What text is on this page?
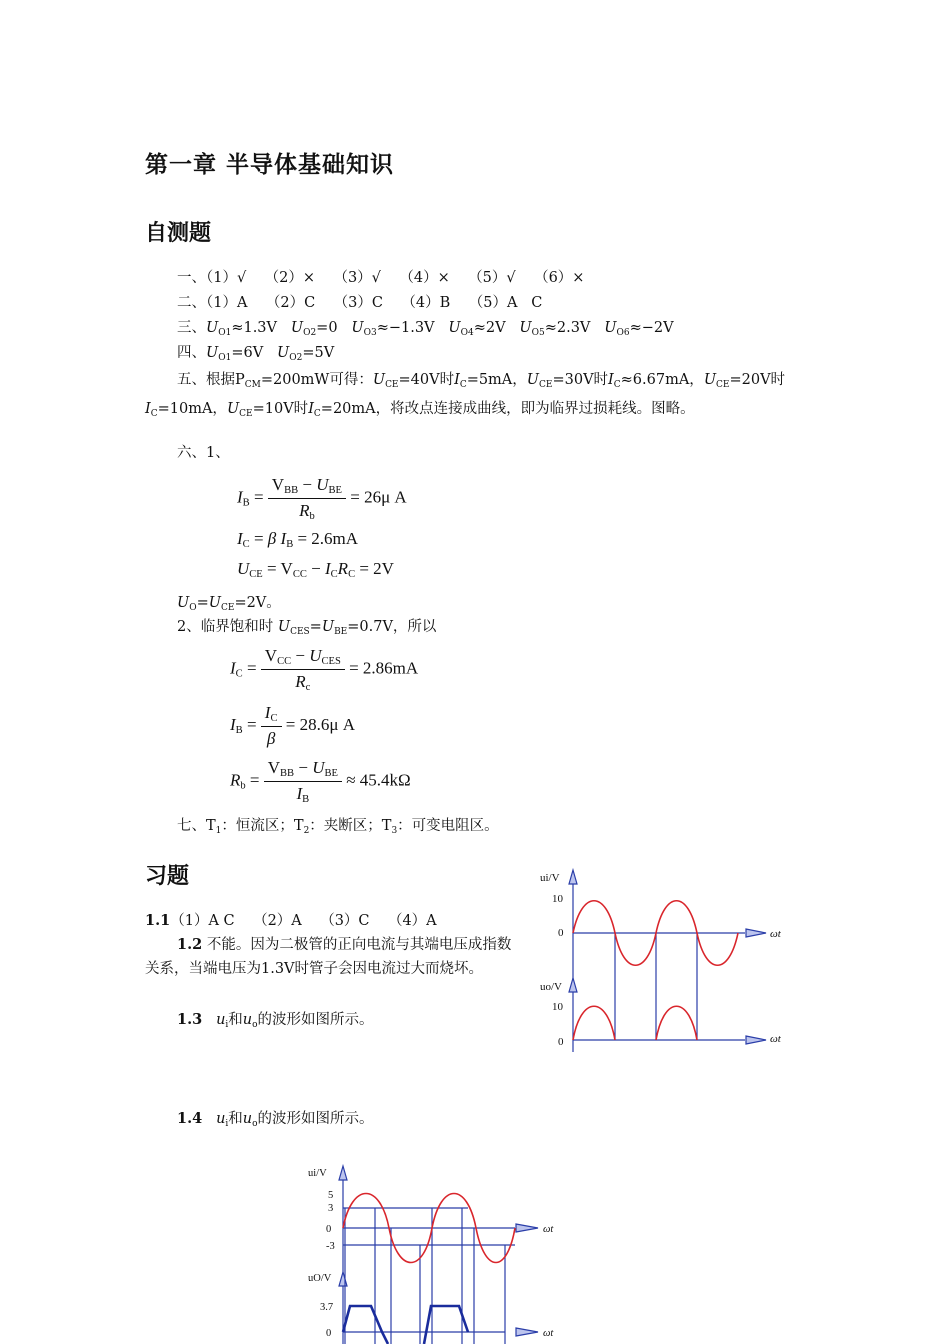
第一章 半导体基础知识
自测题
一、（1）√    （2）×    （3）√    （4）×    （5）√    （6）×
二、（1）A    （2）C    （3）C    （4）B    （5）A   C
三、$U_{O1}\approx 1.3V$   $U_{O2}=0$   $U_{O3}\approx-1.3V$   $U_{O4}\approx 2V$   $U_{O5}\approx 2.3V$   $U_{O6}\approx-2V$
四、$U_{O1}=6V$   $U_{O2}=5V$
五、根据$P_{CM}=200mW$可得：$U_{CE}=40V$时$I_C=5mA$，$U_{CE}=30V$时$I_C\approx 6.67mA$，$U_{CE}=20V$时$I_C=10mA$，$U_{CE}=10V$时$I_C=20mA$，将改点连接成曲线，即为临界过损耗线。图略。
六、1、
$I_B = \frac{V_{BB} - U_{BE}}{R_b} = 26\mu$ A
$I_C = \beta$ $I_B = 2.6mA$
$U_{CE} = V_{CC} - I_CR_C = 2V$
$U_O=U_{CE}=2V$。
2、临界饱和时 $U_{CES}=U_{BE}=0.7V$，所以
$I_C = \frac{V_{CC} - U_{CES}}{R_c} = 2.86mA$
$I_B = \frac{I_C}{\beta} = 28.6\mu$ A
$R_b = \frac{V_{BB} - U_{BE}}{I_B} \approx 45.4k\Omega$
七、$T_1$：恒流区；$T_2$：夹断区；$T_3$：可变电阻区。
习题
1.1（1）A C    （2）A    （3）C    （4）A
1.2 不能。因为二极管的正向电流与其端电压成指数关系，当端电压为1.3V时管子会因电流过大而烧坏。
1.3 $u_i$和$u_o$的波形如图所示。
1.4 $u_i$和$u_o$的波形如图所示。
ui/V
10
0
uo/V
10
0
ωt
ωt
ui/V
5
3
0
-3
uO/V
3.7
0
ωt
ωt
